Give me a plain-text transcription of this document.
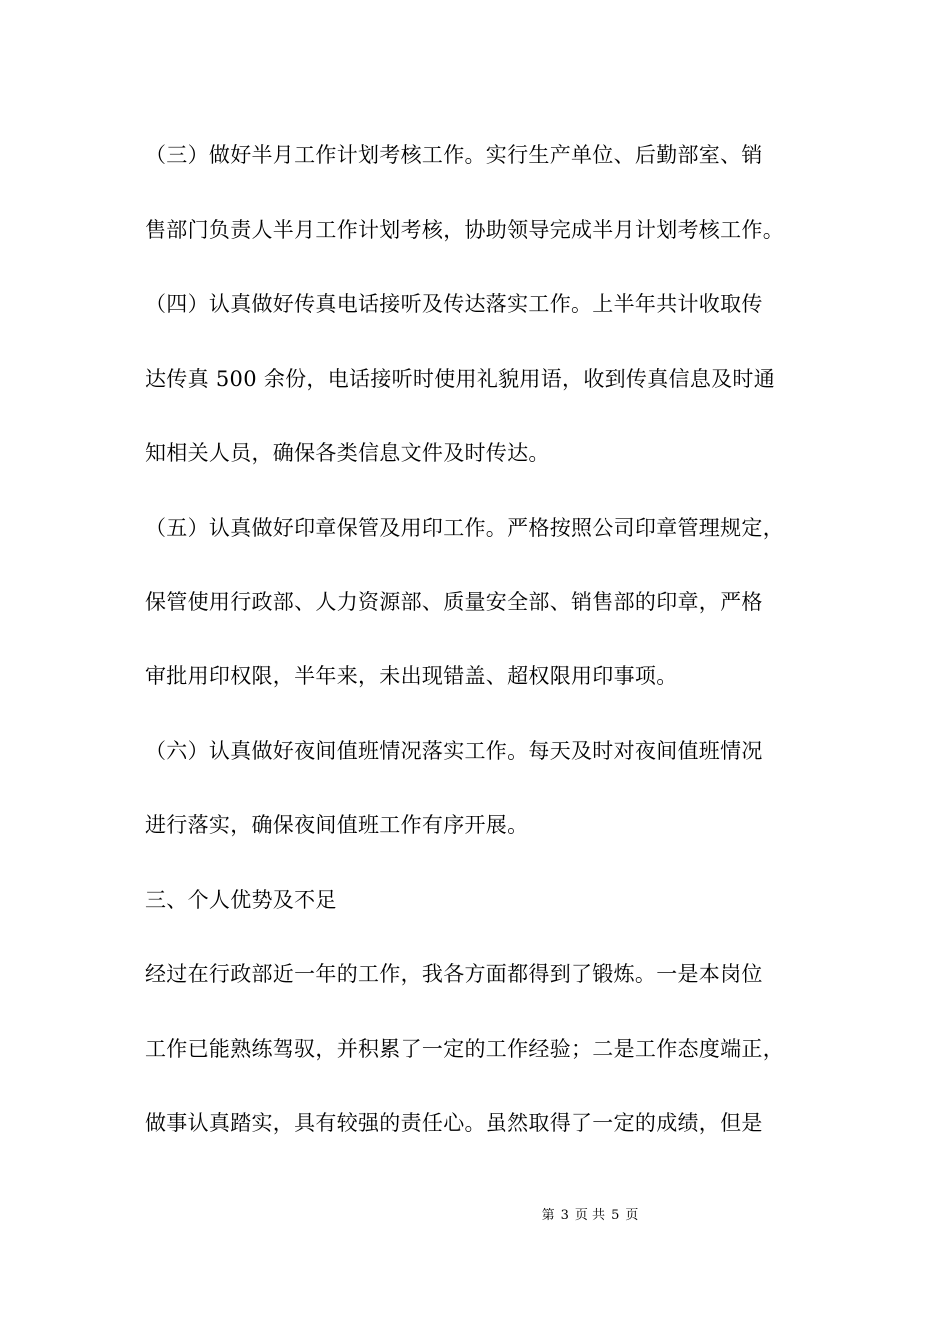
（三）做好半月工作计划考核工作。实行生产单位、后勤部室、销
售部门负责人半月工作计划考核，协助领导完成半月计划考核工作。
（四）认真做好传真电话接听及传达落实工作。上半年共计收取传
达传真 500 余份，电话接听时使用礼貌用语，收到传真信息及时通
知相关人员，确保各类信息文件及时传达。
（五）认真做好印章保管及用印工作。严格按照公司印章管理规定，
保管使用行政部、人力资源部、质量安全部、销售部的印章，严格
审批用印权限，半年来，未出现错盖、超权限用印事项。
（六）认真做好夜间值班情况落实工作。每天及时对夜间值班情况
进行落实，确保夜间值班工作有序开展。
三、个人优势及不足
经过在行政部近一年的工作，我各方面都得到了锻炼。一是本岗位
工作已能熟练驾驭，并积累了一定的工作经验；二是工作态度端正，
做事认真踏实，具有较强的责任心。虽然取得了一定的成绩，但是
第 3 页 共 5 页
